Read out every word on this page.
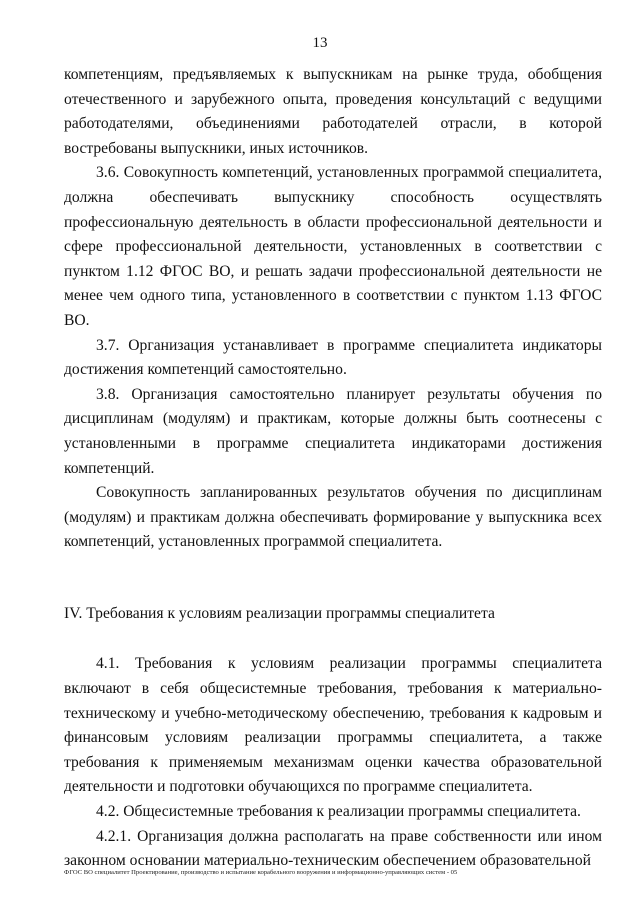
13

компетенциям, предъявляемых к выпускникам на рынке труда, обобщения отечественного и зарубежного опыта, проведения консультаций с ведущими работодателями, объединениями работодателей отрасли, в которой востребованы выпускники, иных источников.

3.6. Совокупность компетенций, установленных программой специалитета, должна обеспечивать выпускнику способность осуществлять профессиональную деятельность в области профессиональной деятельности и сфере профессиональной деятельности, установленных в соответствии с пунктом 1.12 ФГОС ВО, и решать задачи профессиональной деятельности не менее чем одного типа, установленного в соответствии с пунктом 1.13 ФГОС ВО.

3.7. Организация устанавливает в программе специалитета индикаторы достижения компетенций самостоятельно.

3.8. Организация самостоятельно планирует результаты обучения по дисциплинам (модулям) и практикам, которые должны быть соотнесены с установленными в программе специалитета индикаторами достижения компетенций.

Совокупность запланированных результатов обучения по дисциплинам (модулям) и практикам должна обеспечивать формирование у выпускника всех компетенций, установленных программой специалитета.

IV. Требования к условиям реализации программы специалитета

4.1. Требования к условиям реализации программы специалитета включают в себя общесистемные требования, требования к материально-техническому и учебно-методическому обеспечению, требования к кадровым и финансовым условиям реализации программы специалитета, а также требования к применяемым механизмам оценки качества образовательной деятельности и подготовки обучающихся по программе специалитета.

4.2. Общесистемные требования к реализации программы специалитета.

4.2.1. Организация должна располагать на праве собственности или ином законном основании материально-техническим обеспечением образовательной

ФГОС ВО специалитет Проектирование, производство и испытание корабельного вооружения и информационно-управляющих систем - 05
